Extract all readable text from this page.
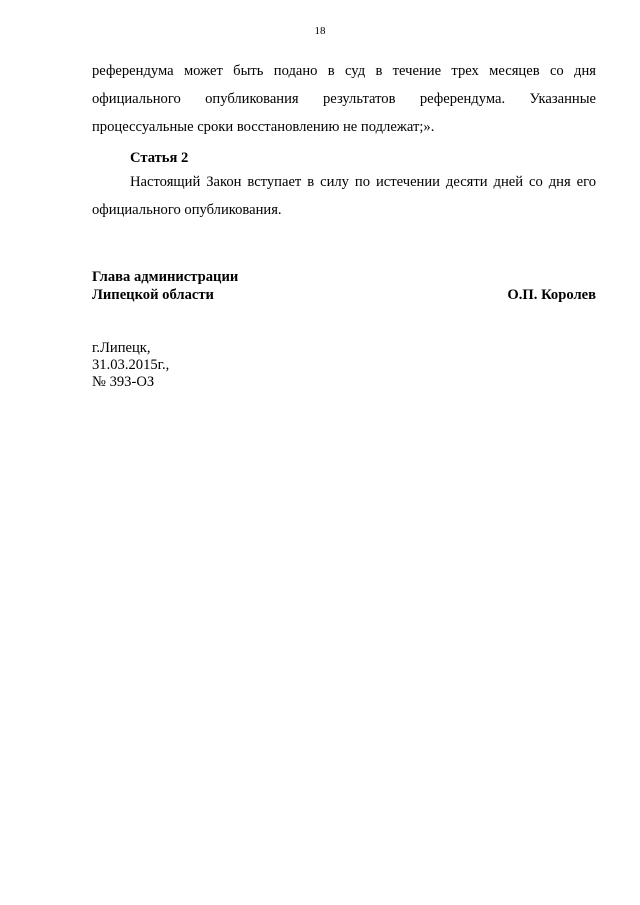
18
референдума может быть подано в суд в течение трех месяцев со дня
официального опубликования результатов референдума. Указанные
процессуальные сроки восстановлению не подлежат;».
Статья 2
Настоящий Закон вступает в силу по истечении десяти дней со дня его
официального опубликования.
Глава администрации
Липецкой области	О.П. Королев
г.Липецк,
31.03.2015г.,
№ 393-ОЗ
